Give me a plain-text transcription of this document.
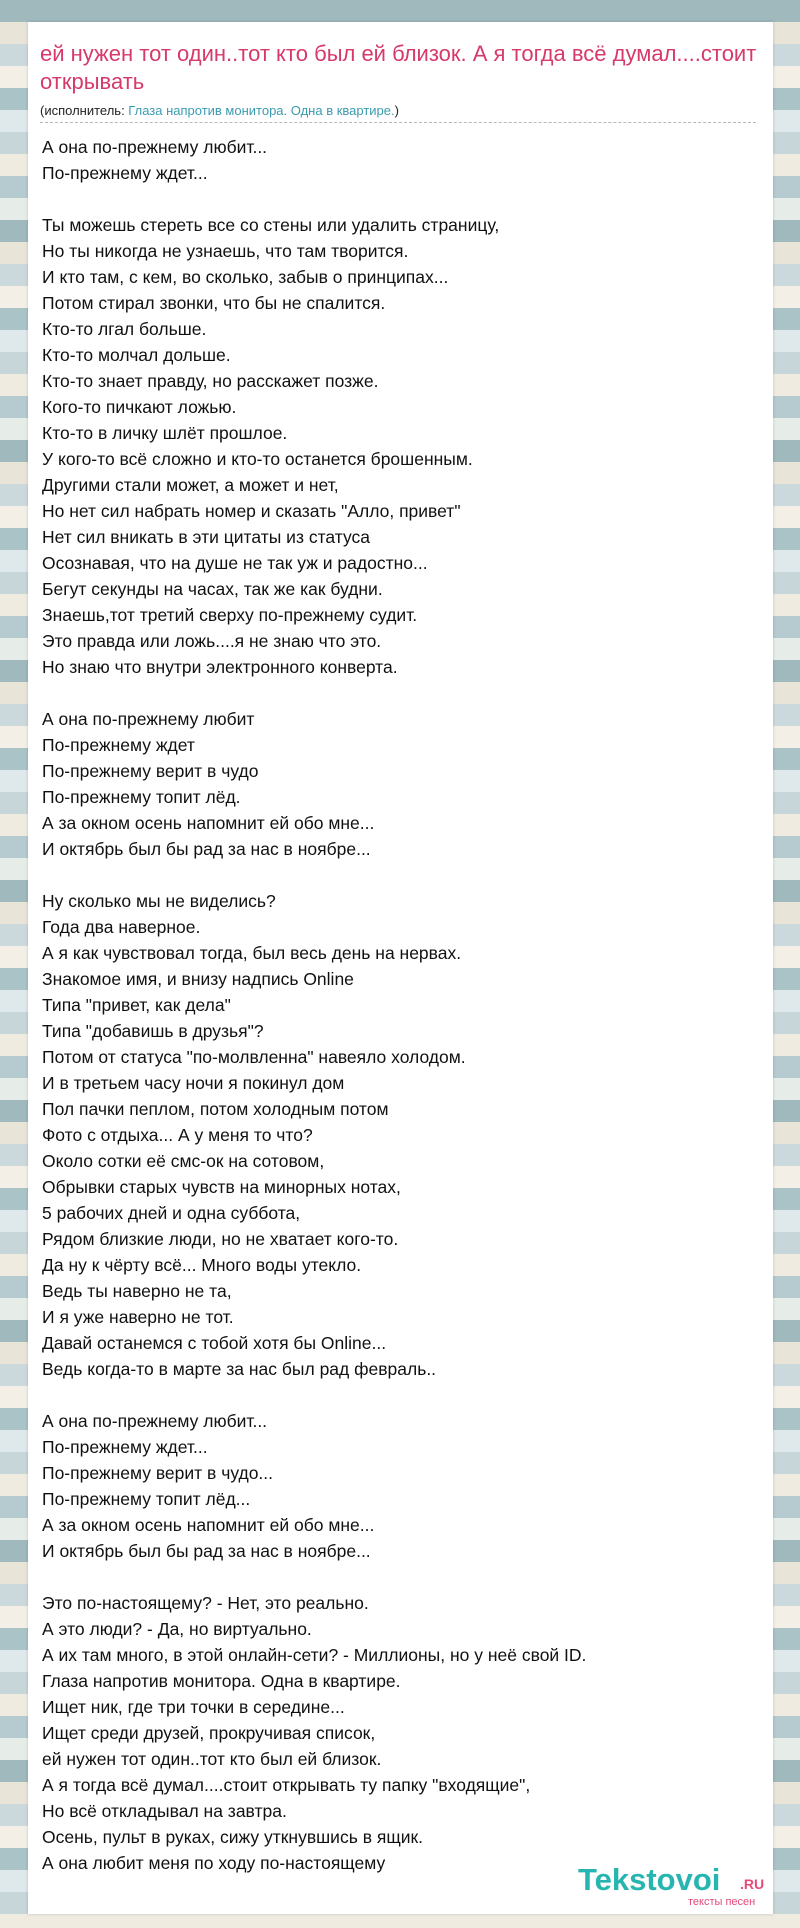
ей нужен тот один..тот кто был ей близок. А я тогда всё думал....стоит открывать
(исполнитель: Глаза напротив монитора. Одна в квартире.)
А она по-прежнему любит...
По-прежнему ждет...
Ты можешь стереть все со стены или удалить страницу,
Но ты никогда не узнаешь, что там творится.
И кто там, с кем, во сколько, забыв о принципах...
Потом стирал звонки, что бы не спалится.
Кто-то лгал больше.
Кто-то молчал дольше.
Кто-то знает правду, но расскажет позже.
Кого-то пичкают ложью.
Кто-то в личку шлёт прошлое.
У кого-то всё сложно и кто-то останется брошенным.
Другими стали может, а может и нет,
Но нет сил набрать номер и сказать "Алло, привет"
Нет сил вникать в эти цитаты из статуса
Осознавая, что на душе не так уж и радостно...
Бегут секунды на часах, так же как будни.
Знаешь,тот третий сверху по-прежнему судит.
Это правда или ложь....я не знаю что это.
Но знаю что внутри электронного конверта.
А она по-прежнему любит
По-прежнему ждет
По-прежнему верит в чудо
По-прежнему топит лёд.
А за окном осень напомнит ей обо мне...
И октябрь был бы рад за нас в ноябре...
Ну сколько мы не виделись?
Года два наверное.
А я как чувствовал тогда, был весь день на нервах.
Знакомое имя, и внизу надпись Online
Типа "привет, как дела"
Типа "добавишь в друзья"?
Потом от статуса "по-молвленна" навеяло холодом.
И в третьем часу ночи я покинул дом
Пол пачки пеплом, потом холодным потом
Фото с отдыха... А у меня то что?
Около сотки её смс-ок на сотовом,
Обрывки старых чувств на минорных нотах,
5 рабочих дней и одна суббота,
Рядом близкие люди, но не хватает кого-то.
Да ну к чёрту всё... Много воды утекло.
Ведь ты наверно не та,
И я уже наверно не тот.
Давай останемся с тобой хотя бы Online...
Ведь когда-то в марте за нас был рад февраль..
А она по-прежнему любит...
По-прежнему ждет...
По-прежнему верит в чудо...
По-прежнему топит лёд...
А за окном осень напомнит ей обо мне...
И октябрь был бы рад за нас в ноябре...
Это по-настоящему? - Нет, это реально.
А это люди? - Да, но виртуально.
А их там много, в этой онлайн-сети? - Миллионы, но у неё свой ID.
Глаза напротив монитора. Одна в квартире.
Ищет ник, где три точки в середине...
Ищет среди друзей, прокручивая список,
ей нужен тот один..тот кто был ей близок.
А я тогда всё думал....стоит открывать ту папку "входящие",
Но всё откладывал на завтра.
Осень, пульт в руках, сижу уткнувшись в ящик.
А она любит меня по ходу по-настоящему	Tekstovoi .RU
тексты песен
